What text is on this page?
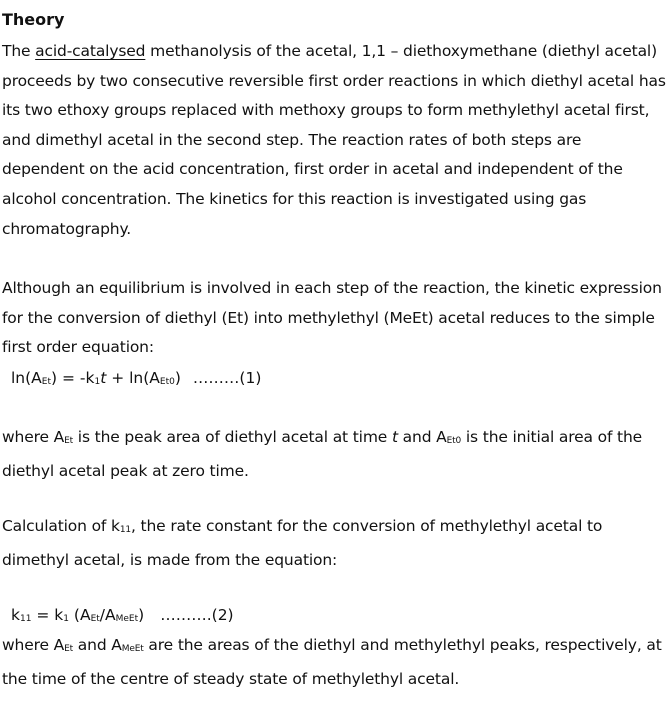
Theory
The acid-catalysed methanolysis of the acetal, 1,1 – diethoxymethane (diethyl acetal) proceeds by two consecutive reversible first order reactions in which diethyl acetal has its two ethoxy groups replaced with methoxy groups to form methylethyl acetal first, and dimethyl acetal in the second step. The reaction rates of both steps are dependent on the acid concentration, first order in acetal and independent of the alcohol concentration. The kinetics for this reaction is investigated using gas chromatography.
Although an equilibrium is involved in each step of the reaction, the kinetic expression for the conversion of diethyl (Et) into methylethyl (MeEt) acetal reduces to the simple first order equation:
ln(AEt) = -k1t + ln(AEt0) ………(1)
where AEt is the peak area of diethyl acetal at time t and AEt0 is the initial area of the diethyl acetal peak at zero time.
Calculation of k11, the rate constant for the conversion of methylethyl acetal to dimethyl acetal, is made from the equation:
k11 = k1 (AEt/AMeEt) ……….(2)
where AEt and AMeEt are the areas of the diethyl and methylethyl peaks, respectively, at the time of the centre of steady state of methylethyl acetal.
